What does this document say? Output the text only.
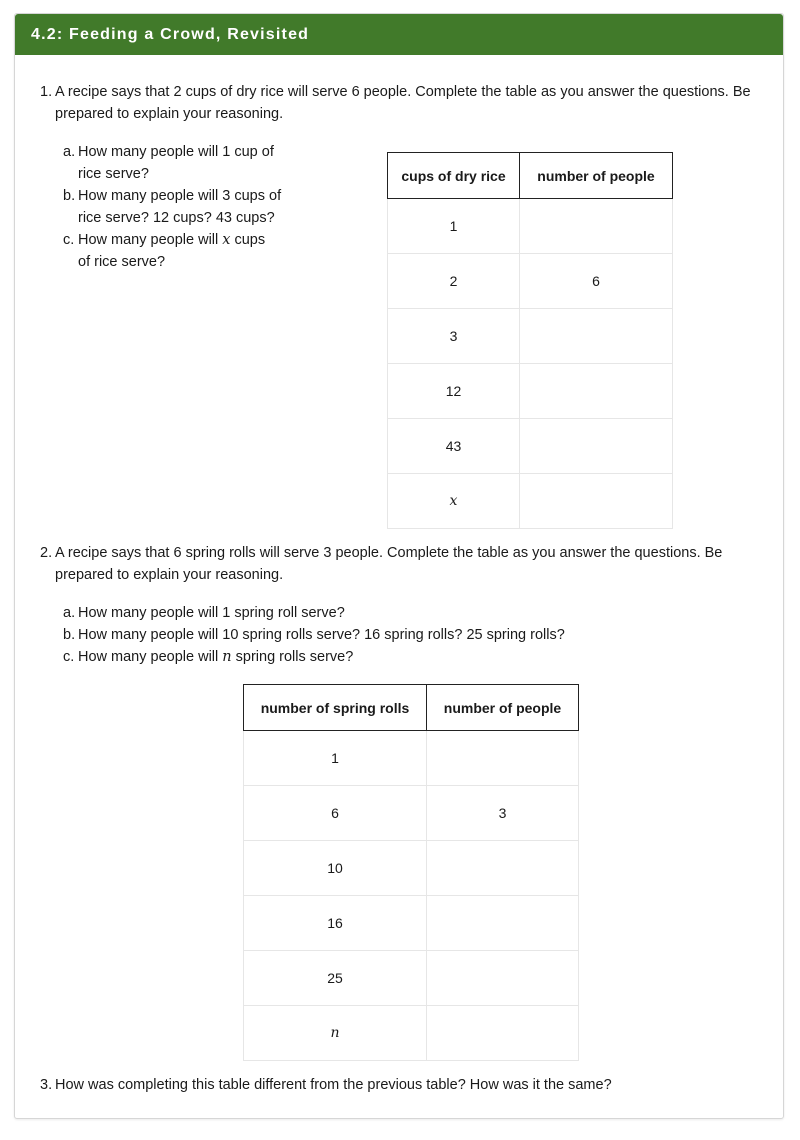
4.2: Feeding a Crowd, Revisited
1. A recipe says that 2 cups of dry rice will serve 6 people. Complete the table as you answer the questions. Be
prepared to explain your reasoning.
a. How many people will 1 cup of
rice serve?
b. How many people will 3 cups of
rice serve? 12 cups? 43 cups?
c. How many people will x cups
of rice serve?
cups of dry rice	number of people
1	
2	6
3	
12	
43	
x	
2. A recipe says that 6 spring rolls will serve 3 people. Complete the table as you answer the questions. Be
prepared to explain your reasoning.
a. How many people will 1 spring roll serve?
b. How many people will 10 spring rolls serve? 16 spring rolls? 25 spring rolls?
c. How many people will n spring rolls serve?
number of spring rolls	number of people
1	
6	3
10	
16	
25	
n	
3. How was completing this table different from the previous table? How was it the same?
